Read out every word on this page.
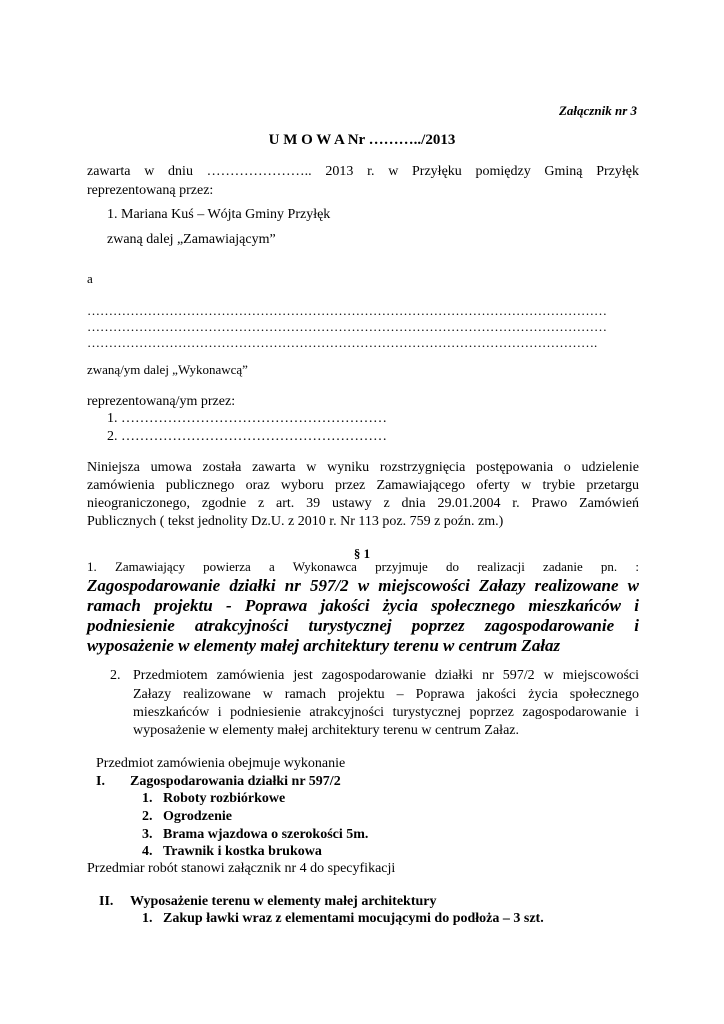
Załącznik nr 3
U M O W A Nr ………../2013

zawarta w dniu ………………….. 2013 r. w Przyłęku pomiędzy Gminą Przyłęk

reprezentowaną przez:
1. Mariana Kuś – Wójta Gminy Przyłęk
zwaną dalej „Zamawiającym”
a
…………………………………………………………………………………………………………
…………………………………………………………………………………………………………
……………………………………………………………………………………………………….
zwaną/ym dalej „Wykonawcą”
reprezentowaną/ym przez:
1. …………………………………………………
2. …………………………………………………

Niniejsza umowa została zawarta w wyniku rozstrzygnięcia postępowania o udzielenie

zamówienia publicznego oraz wyboru przez Zamawiającego oferty w trybie przetargu

nieograniczonego, zgodnie z art. 39 ustawy z dnia 29.01.2004 r. Prawo Zamówień

Publicznych ( tekst jednolity Dz.U. z 2010 r. Nr 113 poz. 759 z poźn. zm.)
§ 1

1. Zamawiający powierza a Wykonawca przyjmuje do realizacji zadanie pn. :

Zagospodarowanie działki nr 597/2 w miejscowości Załazy realizowane w

ramach projektu - Poprawa jakości życia społecznego mieszkańców i

podniesienie atrakcyjności turystycznej poprzez zagospodarowanie i

wyposażenie w elementy małej architektury terenu w centrum Załaz
2. Przedmiotem zamówienia jest zagospodarowanie działki nr 597/2 w miejscowości

Załazy realizowane w ramach projektu – Poprawa jakości życia społecznego

mieszkańców i podniesienie atrakcyjności turystycznej poprzez zagospodarowanie i

wyposażenie w elementy małej architektury terenu w centrum Załaz.
Przedmiot zamówienia obejmuje wykonanie
I. Zagospodarowania działki nr 597/2
1. Roboty rozbiórkowe
2. Ogrodzenie
3. Brama wjazdowa o szerokości 5m.
4. Trawnik i kostka brukowa
Przedmiar robót stanowi załącznik nr 4 do specyfikacji
II. Wyposażenie terenu w elementy małej architektury
1. Zakup ławki wraz z elementami mocującymi do podłoża – 3 szt.
